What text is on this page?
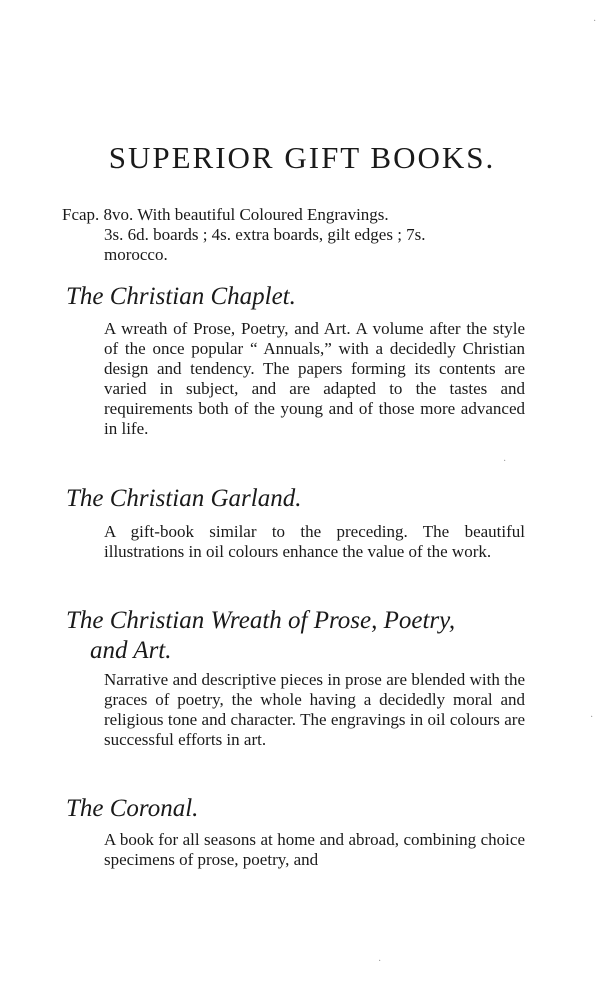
SUPERIOR GIFT BOOKS.
Fcap. 8vo. With beautiful Coloured Engravings.
3s. 6d. boards ; 4s. extra boards, gilt edges ; 7s.
morocco.
The Christian Chaplet.

A wreath of Prose, Poetry, and Art. A volume after the style of the once popular “ Annuals,” with a decidedly Christian design and tendency. The papers forming its contents are varied in subject, and are adapted to the tastes and requirements both of the young and of those more advanced in life.

The Christian Garland.

A gift-book similar to the preceding. The beautiful illustrations in oil colours enhance the value of the work.

The Christian Wreath of Prose, Poetry,
and Art.

Narrative and descriptive pieces in prose are blended with the graces of poetry, the whole having a decidedly moral and religious tone and character. The engravings in oil colours are successful efforts in art.

The Coronal.

A book for all seasons at home and abroad, combining choice specimens of prose, poetry, and

·
·
·
·
